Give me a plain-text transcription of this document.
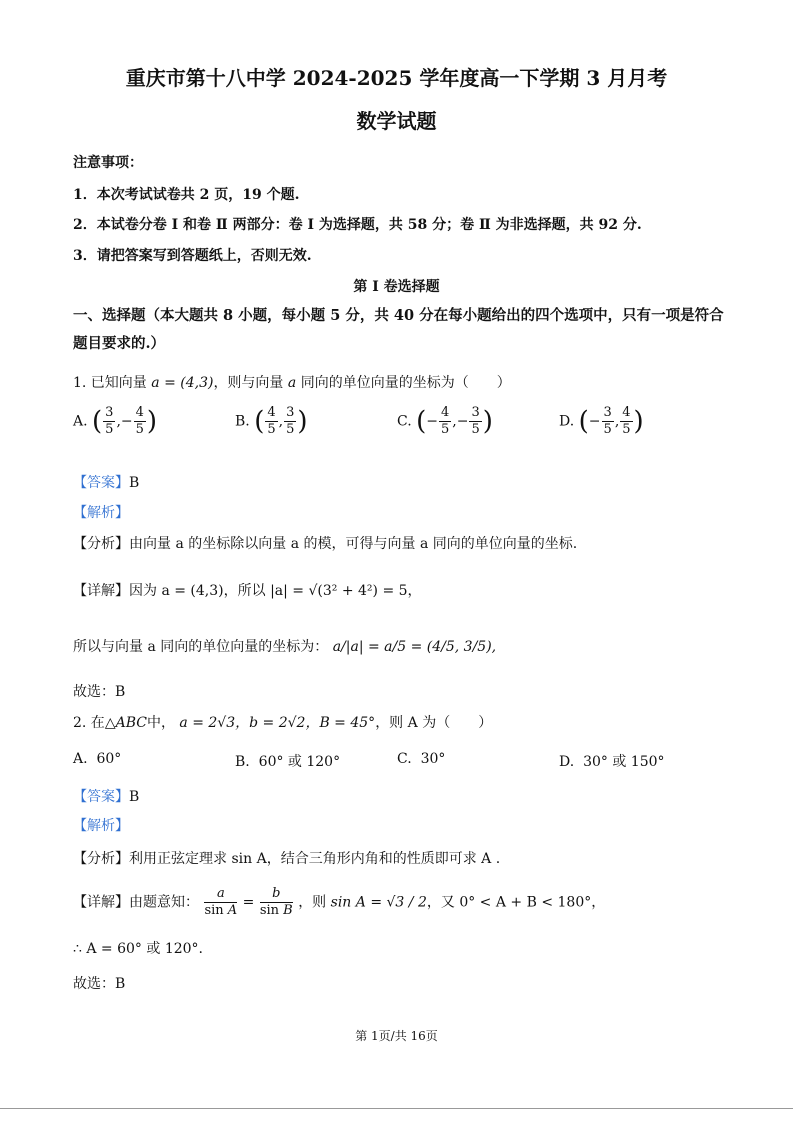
重庆市第十八中学 2024-2025 学年度高一下学期 3 月月考
数学试题
注意事项：
1．本次考试试卷共 2 页，19 个题.
2．本试卷分卷 I 和卷 Ⅱ 两部分：卷 I 为选择题，共 58 分；卷 Ⅱ 为非选择题，共 92 分.
3．请把答案写到答题纸上，否则无效.
第 I 卷选择题
一、选择题（本大题共 8 小题，每小题 5 分，共 40 分在每小题给出的四个选项中，只有一项是符合题目要求的.）
1. 已知向量 a = (4,3)，则与向量 a 同向的单位向量的坐标为（　　）
A. ( $\frac{3}{5}$ ,− $\frac{4}{5}$ )	B. ( $\frac{4}{5}$ , $\frac{3}{5}$ )	C. (− $\frac{4}{5}$ ,− $\frac{3}{5}$ )	D. (− $\frac{3}{5}$ , $\frac{4}{5}$ )
【答案】B
【解析】
【分析】由向量 a 的坐标除以向量 a 的模，可得与向量 a 同向的单位向量的坐标.
【详解】因为 a = (4,3)，所以 |a| = √(3² + 4²) = 5，
所以与向量 a 同向的单位向量的坐标为： a/|a| = a/5 = (4/5, 3/5),
故选：B
2. 在△ABC中， a = 2√3，b = 2√2，B = 45°，则 A 为（　　）
A. 60°	B. 60° 或 120°	C. 30°	D. 30° 或 150°
【答案】B
【解析】
【分析】利用正弦定理求 sin A，结合三角形内角和的性质即可求 A .
【详解】由题意知： $\frac{a}{\text{sin A}} = \frac{b}{\text{sin B}}$ ，则 sin A = √3 / 2，又 0° < A + B < 180°，
∴ A = 60° 或 120°.
故选：B
第 1页/共 16页
